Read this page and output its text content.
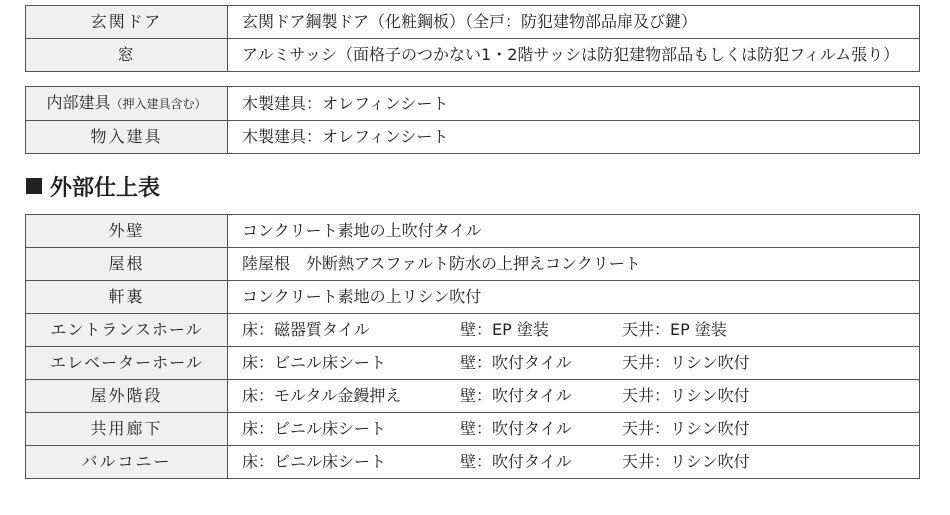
玄関ドア	玄関ドア鋼製ドア（化粧鋼板）（全戸：防犯建物部品扉及び鍵）
窓	アルミサッシ（面格子のつかない1・2階サッシは防犯建物部品もしくは防犯フィルム張り）
内部建具（押入建具含む）	木製建具：オレフィンシート
物入建具	木製建具：オレフィンシート
外部仕上表
外壁	コンクリート素地の上吹付タイル
屋根	陸屋根　外断熱アスファルト防水の上押えコンクリート
軒裏	コンクリート素地の上リシン吹付
エントランスホール	床：磁器質タイル 壁：EP 塗装 天井：EP 塗装
エレベーターホール	床：ビニル床シート 壁：吹付タイル 天井：リシン吹付
屋外階段	床：モルタル金鏝押え 壁：吹付タイル 天井：リシン吹付
共用廊下	床：ビニル床シート 壁：吹付タイル 天井：リシン吹付
バルコニー	床：ビニル床シート 壁：吹付タイル 天井：リシン吹付
